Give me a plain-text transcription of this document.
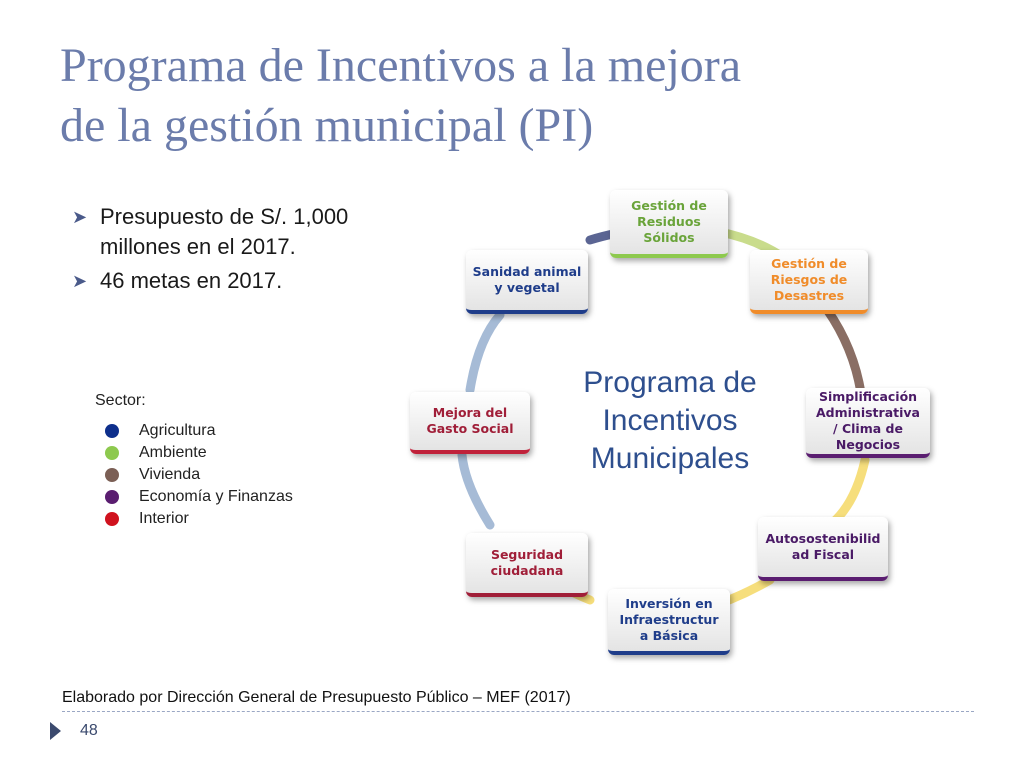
Programa de Incentivos a la mejora
de la gestión municipal (PI)
➤ Presupuesto de S/. 1,000 millones en el 2017.
➤ 46 metas en 2017.
Sector:
Agricultura
Ambiente
Vivienda
Economía y Finanzas
Interior
Programa de
Incentivos
Municipales
Gestión de Residuos Sólidos
Gestión de Riesgos de Desastres
Simplificación Administrativa / Clima de Negocios
Autosostenibilid ad Fiscal
Inversión en Infraestructur a Básica
Seguridad ciudadana
Mejora del Gasto Social
Sanidad animal y vegetal
Elaborado por Dirección General de Presupuesto Público – MEF (2017)
48
